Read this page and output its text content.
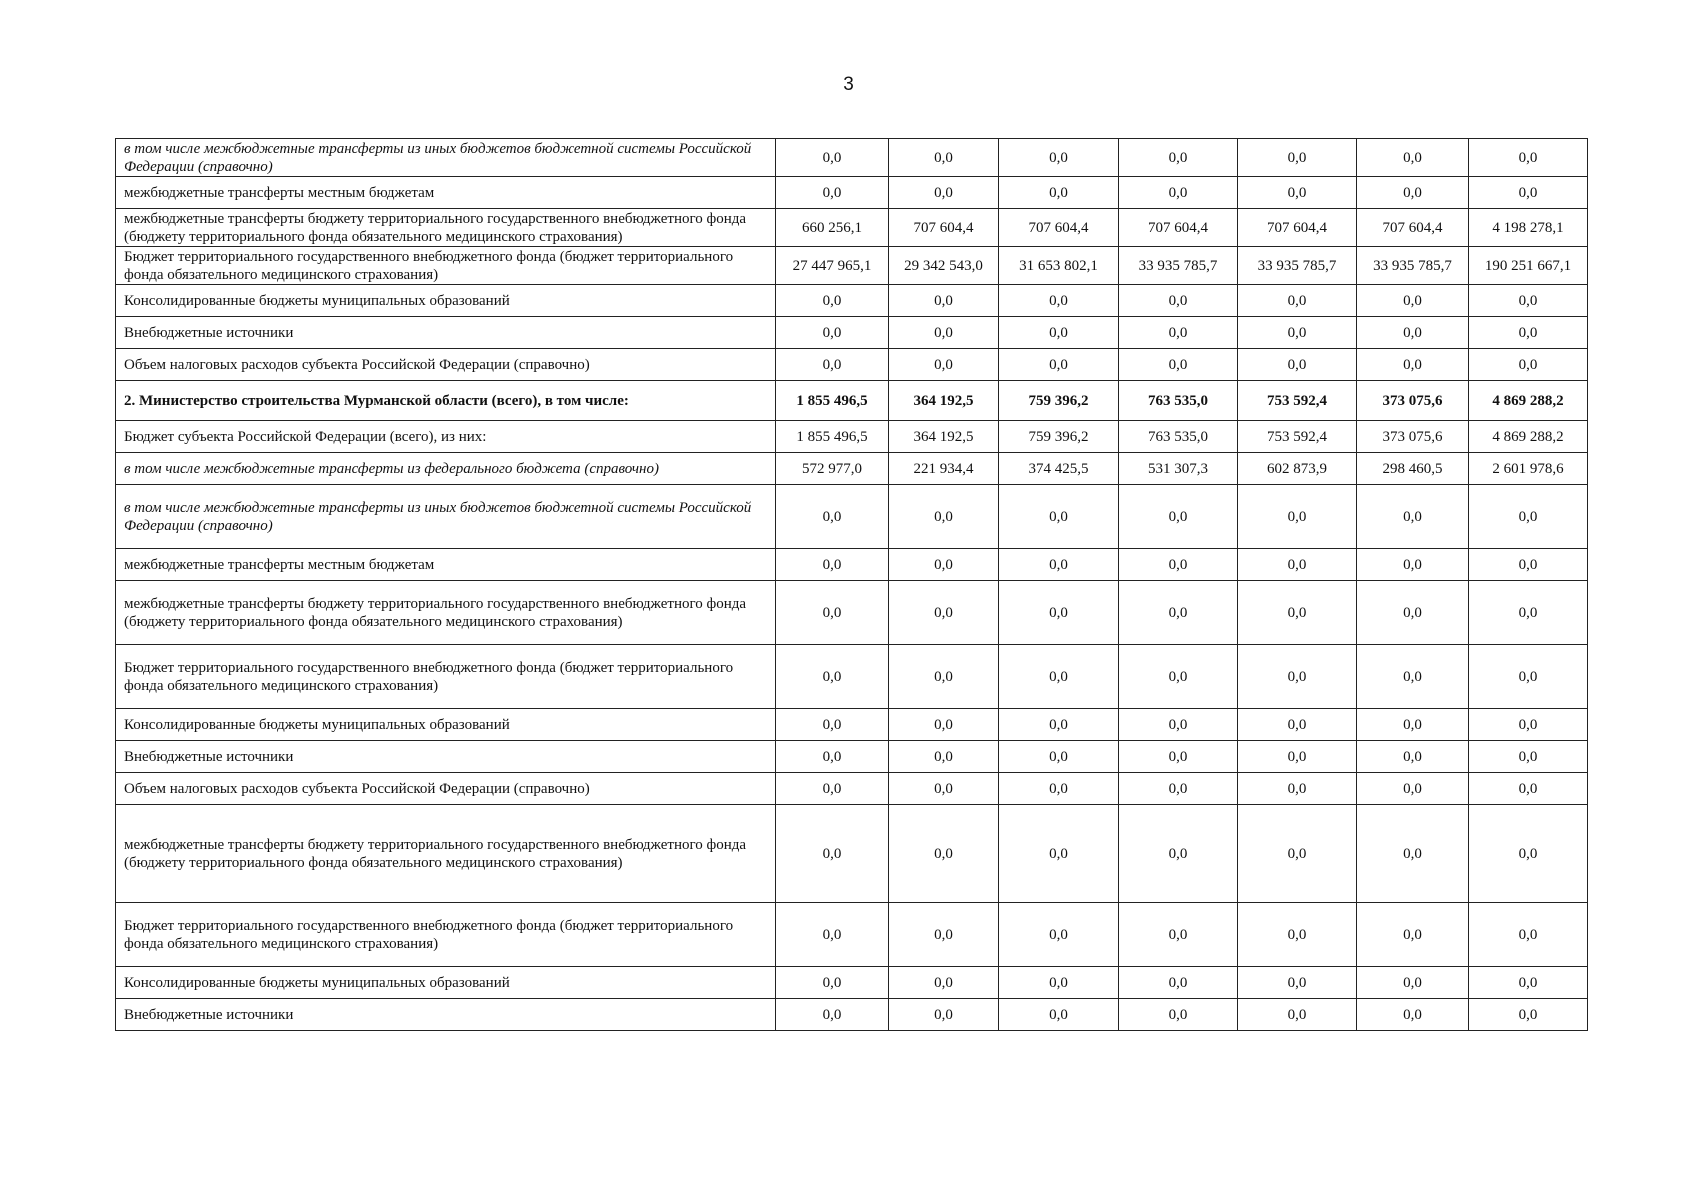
3
в том числе межбюджетные трансферты из иных бюджетов бюджетной системы Российской Федерации (справочно)	0,0	0,0	0,0	0,0	0,0	0,0	0,0
межбюджетные трансферты местным бюджетам	0,0	0,0	0,0	0,0	0,0	0,0	0,0
межбюджетные трансферты бюджету территориального государственного внебюджетного фонда (бюджету территориального фонда обязательного медицинского страхования)	660 256,1	707 604,4	707 604,4	707 604,4	707 604,4	707 604,4	4 198 278,1
Бюджет территориального государственного внебюджетного фонда (бюджет территориального фонда обязательного медицинского страхования)	27 447 965,1	29 342 543,0	31 653 802,1	33 935 785,7	33 935 785,7	33 935 785,7	190 251 667,1
Консолидированные бюджеты муниципальных образований	0,0	0,0	0,0	0,0	0,0	0,0	0,0
Внебюджетные источники	0,0	0,0	0,0	0,0	0,0	0,0	0,0
Объем налоговых расходов субъекта Российской Федерации (справочно)	0,0	0,0	0,0	0,0	0,0	0,0	0,0
2. Министерство строительства Мурманской области (всего), в том числе:	1 855 496,5	364 192,5	759 396,2	763 535,0	753 592,4	373 075,6	4 869 288,2
Бюджет субъекта Российской Федерации (всего), из них:	1 855 496,5	364 192,5	759 396,2	763 535,0	753 592,4	373 075,6	4 869 288,2
в том числе межбюджетные трансферты из федерального бюджета (справочно)	572 977,0	221 934,4	374 425,5	531 307,3	602 873,9	298 460,5	2 601 978,6
в том числе межбюджетные трансферты из иных бюджетов бюджетной системы Российской Федерации (справочно)	0,0	0,0	0,0	0,0	0,0	0,0	0,0
межбюджетные трансферты местным бюджетам	0,0	0,0	0,0	0,0	0,0	0,0	0,0
межбюджетные трансферты бюджету территориального государственного внебюджетного фонда (бюджету территориального фонда обязательного медицинского страхования)	0,0	0,0	0,0	0,0	0,0	0,0	0,0
Бюджет территориального государственного внебюджетного фонда (бюджет территориального фонда обязательного медицинского страхования)	0,0	0,0	0,0	0,0	0,0	0,0	0,0
Консолидированные бюджеты муниципальных образований	0,0	0,0	0,0	0,0	0,0	0,0	0,0
Внебюджетные источники	0,0	0,0	0,0	0,0	0,0	0,0	0,0
Объем налоговых расходов субъекта Российской Федерации (справочно)	0,0	0,0	0,0	0,0	0,0	0,0	0,0
межбюджетные трансферты бюджету территориального государственного внебюджетного фонда (бюджету территориального фонда обязательного медицинского страхования)	0,0	0,0	0,0	0,0	0,0	0,0	0,0
Бюджет территориального государственного внебюджетного фонда (бюджет территориального фонда обязательного медицинского страхования)	0,0	0,0	0,0	0,0	0,0	0,0	0,0
Консолидированные бюджеты муниципальных образований	0,0	0,0	0,0	0,0	0,0	0,0	0,0
Внебюджетные источники	0,0	0,0	0,0	0,0	0,0	0,0	0,0
